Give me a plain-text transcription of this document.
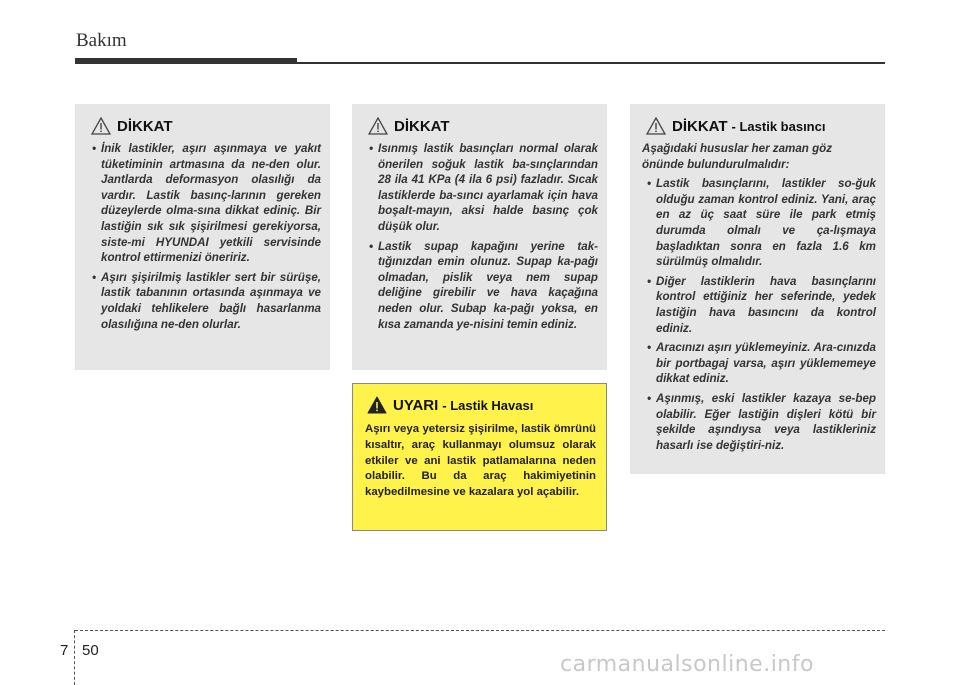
Bakım
DİKKAT
• İnik lastikler, aşırı aşınmaya ve yakıt tüketiminin artmasına da ne-den olur. Jantlarda deformasyon olasılığı da vardır. Lastik basınç-larının gereken düzeylerde olma-sına dikkat ediniç. Bir lastiğin sık sık şişirilmesi gerekiyorsa, siste-mi HYUNDAI yetkili servisinde kontrol ettirmenizi öneririz.
• Aşırı şişirilmiş lastikler sert bir sürüşe, lastik tabanının ortasında aşınmaya ve yoldaki tehlikelere bağlı hasarlanma olasılığına ne-den olurlar.
DİKKAT
• Isınmış lastik basınçları normal olarak önerilen soğuk lastik ba-sınçlarından 28 ila 41 KPa (4 ila 6 psi) fazladır. Sıcak lastiklerde ba-sıncı ayarlamak için hava boşalt-mayın, aksi halde basınç çok düşük olur.
• Lastik supap kapağını yerine tak-tığınızdan emin olunuz. Supap ka-pağı olmadan, pislik veya nem supap deliğine girebilir ve hava kaçağına neden olur. Subap ka-pağı yoksa, en kısa zamanda ye-nisini temin ediniz.
DİKKAT - Lastik basıncı

Aşağıdaki hususlar her zaman göz önünde bulundurulmalıdır:

• Lastik basınçlarını, lastikler so-ğuk olduğu zaman kontrol ediniz. Yani, araç en az üç saat süre ile park etmiş durumda olmalı ve ça-lışmaya başladıktan sonra en fazla 1.6 km sürülmüş olmalıdır.
• Diğer lastiklerin hava basınçlarını kontrol ettiğiniz her seferinde, yedek lastiğin hava basıncını da kontrol ediniz.
• Aracınızı aşırı yüklemeyiniz. Ara-cınızda bir portbagaj varsa, aşırı yüklememeye dikkat ediniz.
• Aşınmış, eski lastikler kazaya se-bep olabilir. Eğer lastiğin dişleri kötü bir şekilde aşındıysa veya lastikleriniz hasarlı ise değiştiri-niz.
UYARI - Lastik Havası

Aşırı veya yetersiz şişirilme, lastik ömrünü kısaltır, araç kullanmayı olumsuz olarak etkiler ve ani lastik patlamalarına neden olabilir. Bu da araç hakimiyetinin kaybedilmesine ve kazalara yol açabilir.

7 50
carmanualsonline.info
